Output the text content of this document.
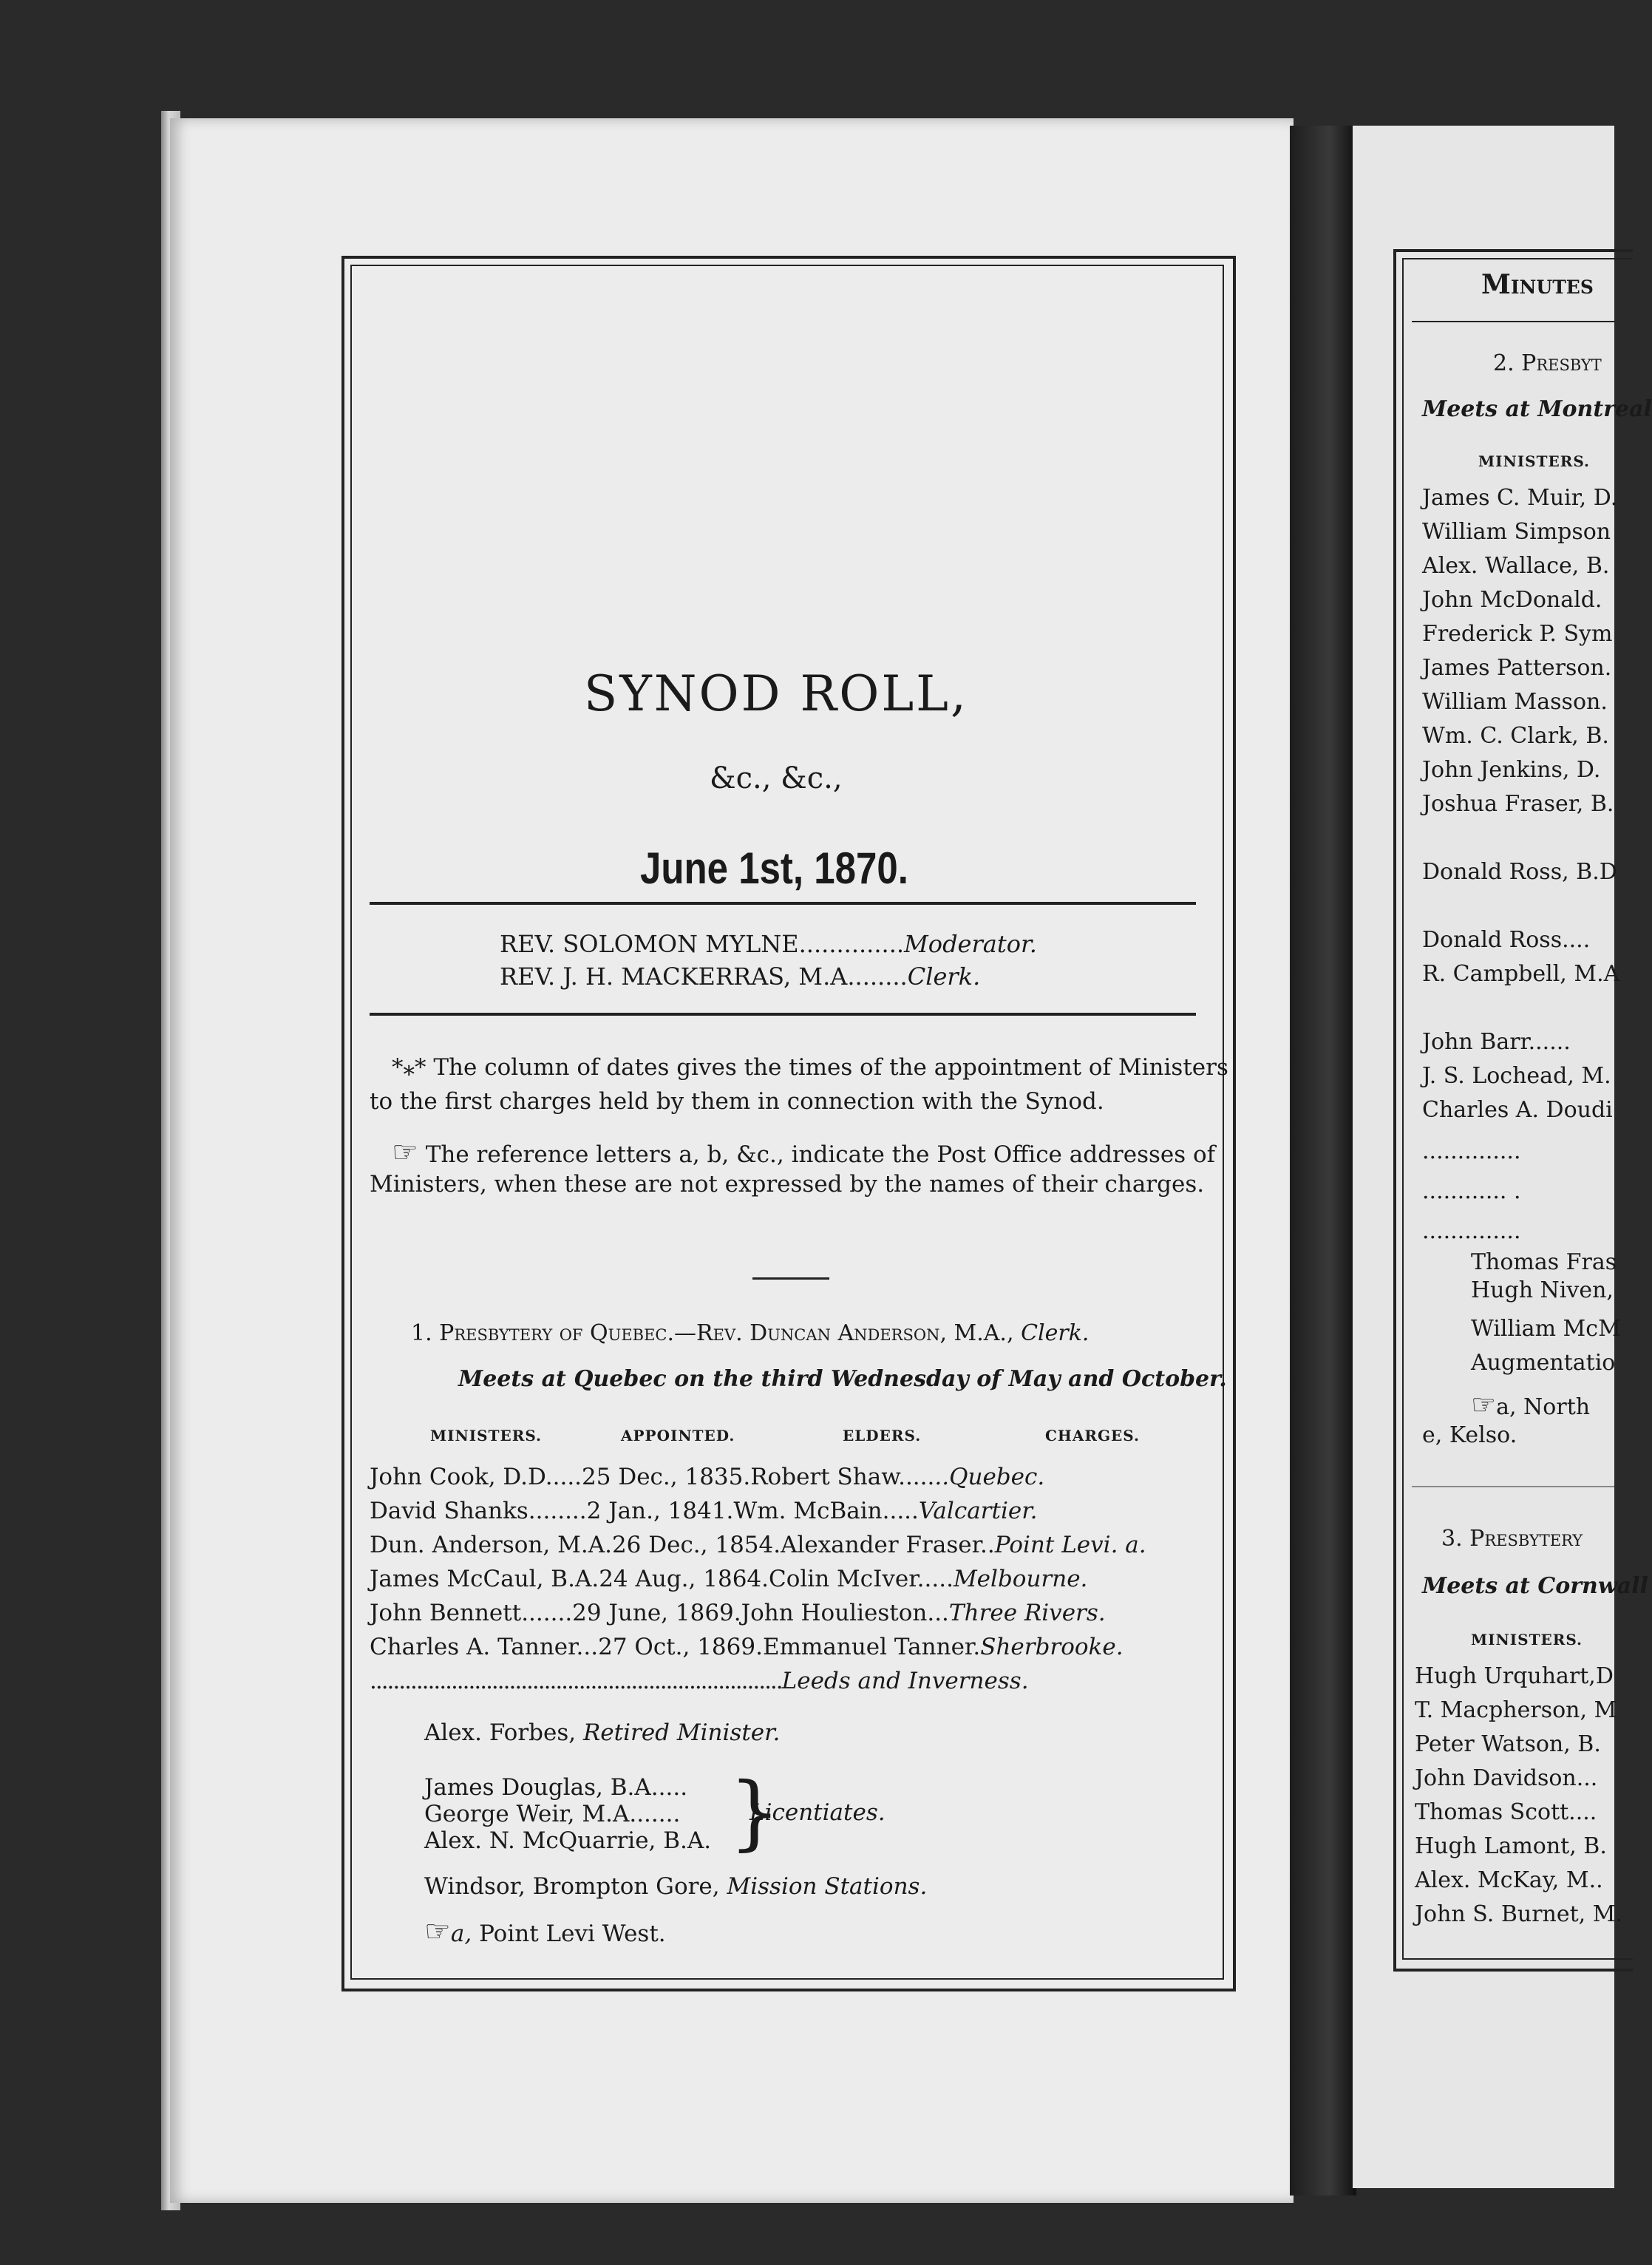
SYNOD ROLL,
&c., &c.,
June 1st, 1870.
REV. SOLOMON MYLNE..............Moderator.
REV. J. H. MACKERRAS, M.A........Clerk.
*⁎* The column of dates gives the times of the appointment of Ministers
to the first charges held by them in connection with the Synod.
☞ The reference letters a, b, &c., indicate the Post Office addresses of
Ministers, when these are not expressed by the names of their charges.
1. Presbytery of Quebec.—Rev. Duncan Anderson, M.A., Clerk.
Meets at Quebec on the third Wednesday of May and October.
MINISTERS.	APPOINTED.	ELDERS.	CHARGES.
John Cook, D.D.....25 Dec., 1835.Robert Shaw.......Quebec.
David Shanks........2 Jan., 1841.Wm. McBain.....Valcartier.
Dun. Anderson, M.A.26 Dec., 1854.Alexander Fraser..Point Levi. a.
James McCaul, B.A.24 Aug., 1864.Colin McIver.....Melbourne.
John Bennett.......29 June, 1869.John Houlieston...Three Rivers.
Charles A. Tanner...27 Oct., 1869.Emmanuel Tanner.Sherbrooke.
.......................................................................Leeds and Inverness.
Alex. Forbes, Retired Minister.
James Douglas, B.A.....
George Weir, M.A.......
Alex. N. McQuarrie, B.A. }
Licentiates.
Windsor, Brompton Gore, Mission Stations.
☞a, Point Levi West.
Minutes
2. Presbyt
Meets at Montreal
MINISTERS.
James C. Muir, D.
William Simpson
Alex. Wallace, B.
John McDonald.
Frederick P. Sym
James Patterson.
William Masson.
Wm. C. Clark, B.
John Jenkins, D.
Joshua Fraser, B.
Donald Ross, B.D
Donald Ross....
R. Campbell, M.A
John Barr......
J. S. Lochead, M.
Charles A. Doudi
..............
............ .
..............
Thomas Fras
Hugh Niven,
William McM
Augmentatio
☞a, North
e, Kelso.
3. Presbytery
Meets at Cornwall
MINISTERS.
Hugh Urquhart,D
T. Macpherson, M
Peter Watson, B.
John Davidson...
Thomas Scott....
Hugh Lamont, B.
Alex. McKay, M..
John S. Burnet, M.
